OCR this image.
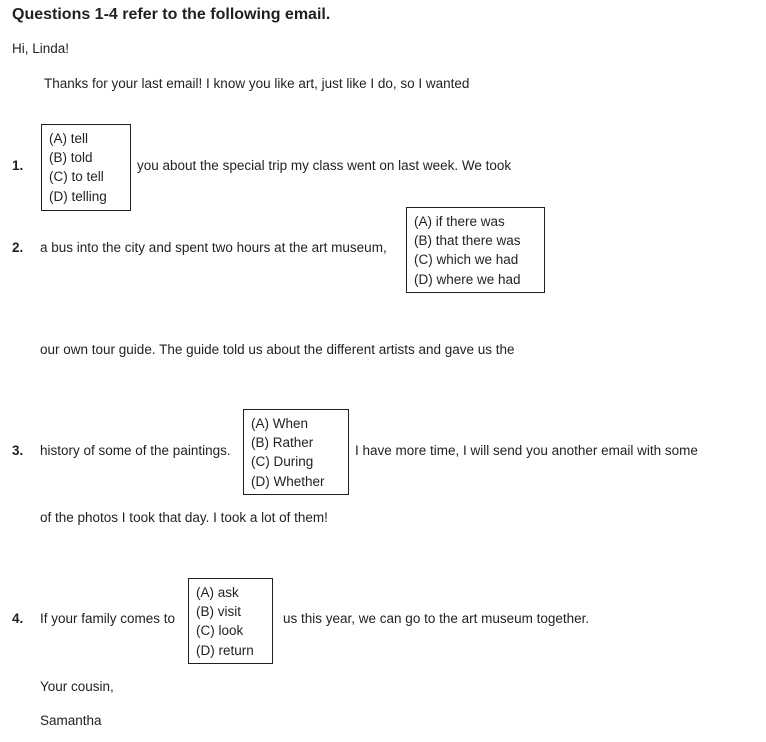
Questions 1-4 refer to the following email.
Hi, Linda!
Thanks for your last email! I know you like art, just like I do, so I wanted
1.
(A) tell
(B) told
(C) to tell
(D) telling
you about the special trip my class went on last week. We took
2. a bus into the city and spent two hours at the art museum,
(A) if there was
(B) that there was
(C) which we had
(D) where we had
our own tour guide. The guide told us about the different artists and gave us the
3. history of some of the paintings.
(A) When
(B) Rather
(C) During
(D) Whether
I have more time, I will send you another email with some
of the photos I took that day. I took a lot of them!
4. If your family comes to
(A) ask
(B) visit
(C) look
(D) return
us this year, we can go to the art museum together.
Your cousin,
Samantha
